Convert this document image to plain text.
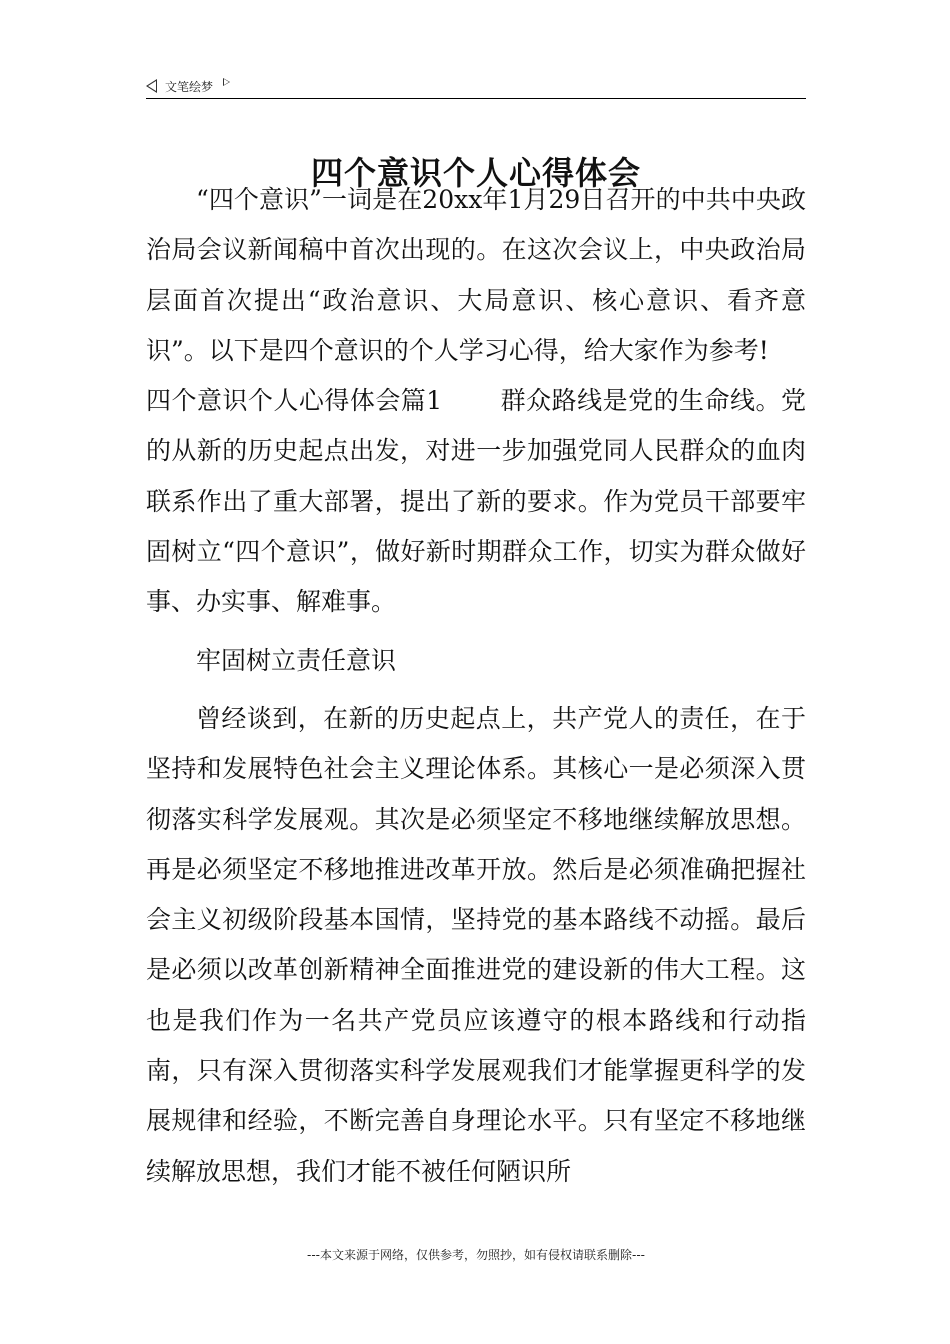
文笔绘梦
四个意识个人心得体会

“四个意识”一词是在20xx年1月29日召开的中共中央政治局会议新闻稿中首次出现的。在这次会议上，中央政治局层面首次提出“政治意识、大局意识、核心意识、看齐意识”。以下是四个意识的个人学习心得，给大家作为参考!

四个意识个人心得体会篇1 群众路线是党的生命线。党的从新的历史起点出发，对进一步加强党同人民群众的血肉联系作出了重大部署，提出了新的要求。作为党员干部要牢固树立“四个意识”，做好新时期群众工作，切实为群众做好事、办实事、解难事。

牢固树立责任意识

曾经谈到，在新的历史起点上，共产党人的责任，在于坚持和发展特色社会主义理论体系。其核心一是必须深入贯彻落实科学发展观。其次是必须坚定不移地继续解放思想。再是必须坚定不移地推进改革开放。然后是必须准确把握社会主义初级阶段基本国情，坚持党的基本路线不动摇。最后是必须以改革创新精神全面推进党的建设新的伟大工程。这也是我们作为一名共产党员应该遵守的根本路线和行动指南，只有深入贯彻落实科学发展观我们才能掌握更科学的发展规律和经验，不断完善自身理论水平。只有坚定不移地继续解放思想，我们才能不被任何陋识所

---本文来源于网络，仅供参考，勿照抄，如有侵权请联系删除---
